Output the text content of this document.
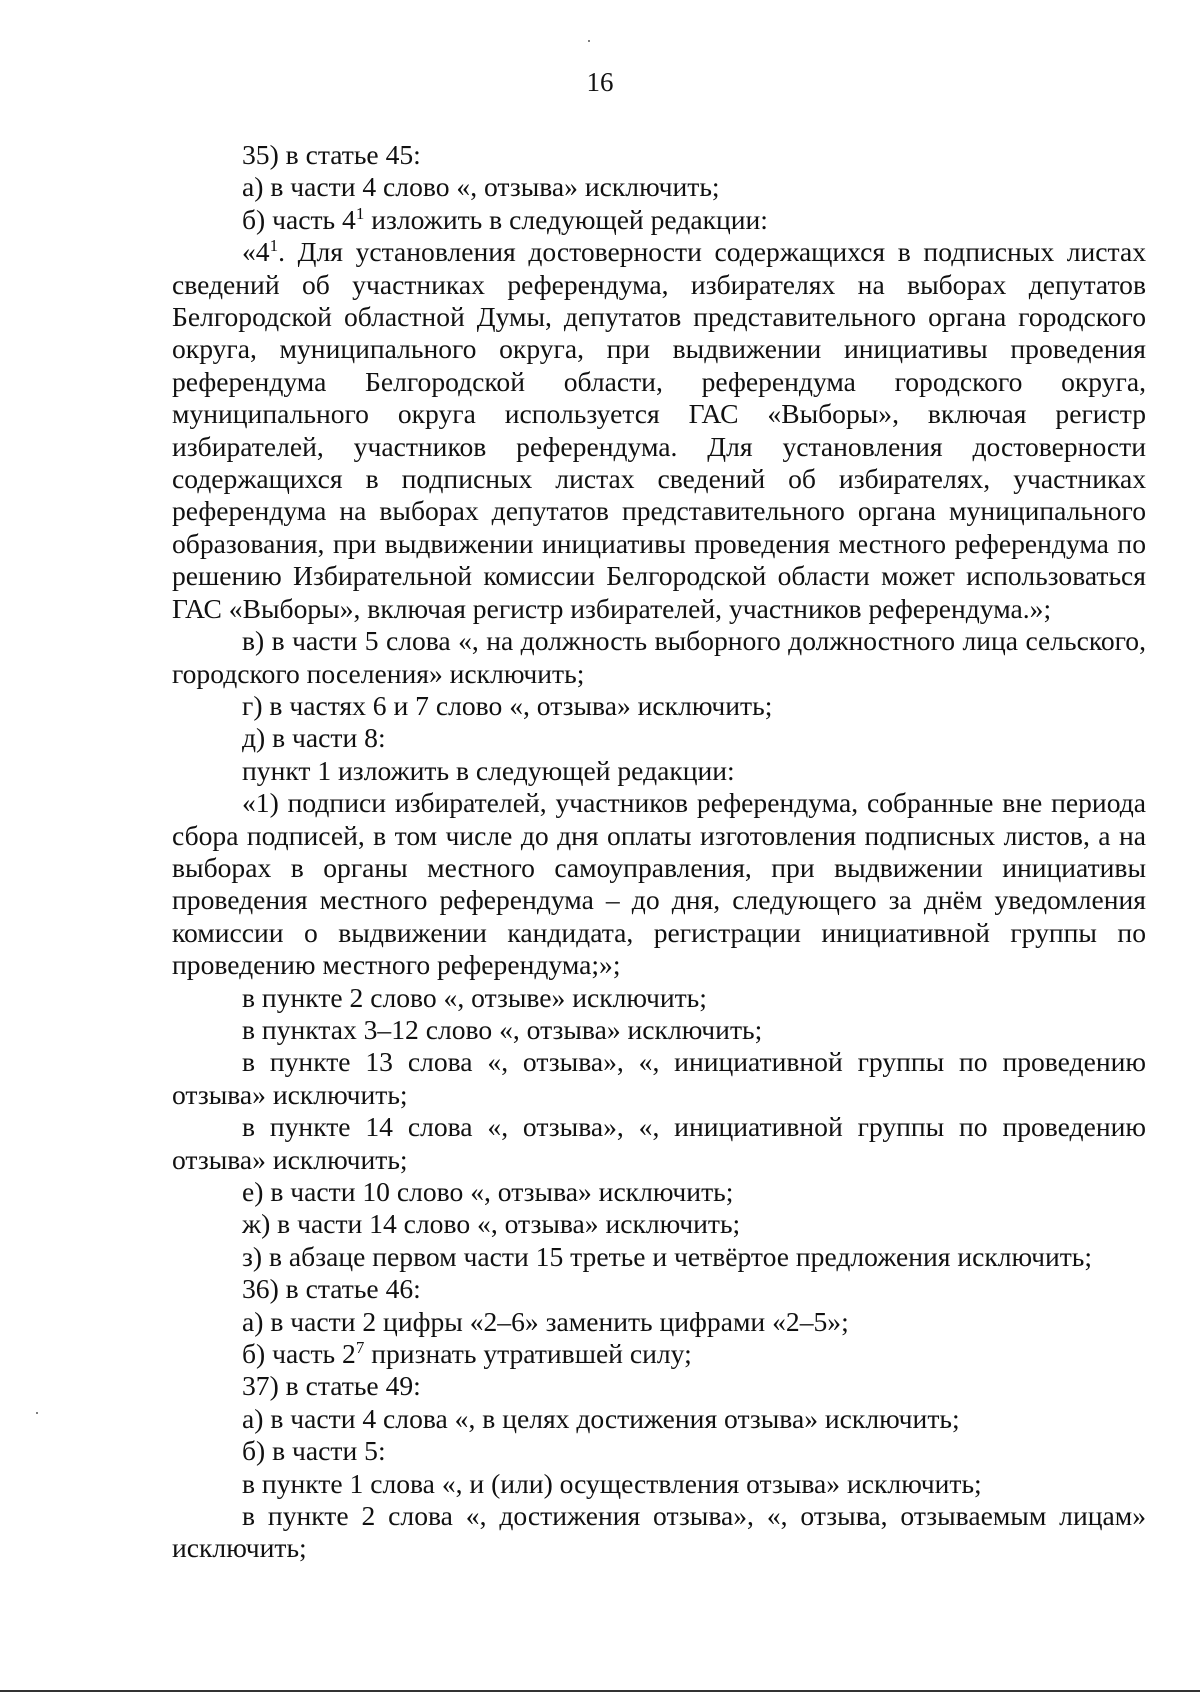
16

35) в статье 45:

а) в части 4 слово «, отзыва» исключить;

б) часть $4^1$ изложить в следующей редакции:

«$4^1$. Для установления достоверности содержащихся в подписных листах сведений об участниках референдума, избирателях на выборах депутатов Белгородской областной Думы, депутатов представительного органа городского округа, муниципального округа, при выдвижении инициативы проведения референдума Белгородской области, референдума городского округа, муниципального округа используется ГАС «Выборы», включая регистр избирателей, участников референдума. Для установления достоверности содержащихся в подписных листах сведений об избирателях, участниках референдума на выборах депутатов представительного органа муниципального образования, при выдвижении инициативы проведения местного референдума по решению Избирательной комиссии Белгородской области может использоваться ГАС «Выборы», включая регистр избирателей, участников референдума.»;

в) в части 5 слова «, на должность выборного должностного лица сельского, городского поселения» исключить;

г) в частях 6 и 7 слово «, отзыва» исключить;

д) в части 8:

пункт 1 изложить в следующей редакции:

«1) подписи избирателей, участников референдума, собранные вне периода сбора подписей, в том числе до дня оплаты изготовления подписных листов, а на выборах в органы местного самоуправления, при выдвижении инициативы проведения местного референдума – до дня, следующего за днём уведомления комиссии о выдвижении кандидата, регистрации инициативной группы по проведению местного референдума;»;

в пункте 2 слово «, отзыве» исключить;

в пунктах 3–12 слово «, отзыва» исключить;

в пункте 13 слова «, отзыва», «, инициативной группы по проведению отзыва» исключить;

в пункте 14 слова «, отзыва», «, инициативной группы по проведению отзыва» исключить;

е) в части 10 слово «, отзыва» исключить;

ж) в части 14 слово «, отзыва» исключить;

з) в абзаце первом части 15 третье и четвёртое предложения исключить;

36) в статье 46:

а) в части 2 цифры «2–6» заменить цифрами «2–5»;

б) часть $2^7$ признать утратившей силу;

37) в статье 49:

а) в части 4 слова «, в целях достижения отзыва» исключить;

б) в части 5:

в пункте 1 слова «, и (или) осуществления отзыва» исключить;

в пункте 2 слова «, достижения отзыва», «, отзыва, отзываемым лицам» исключить;
